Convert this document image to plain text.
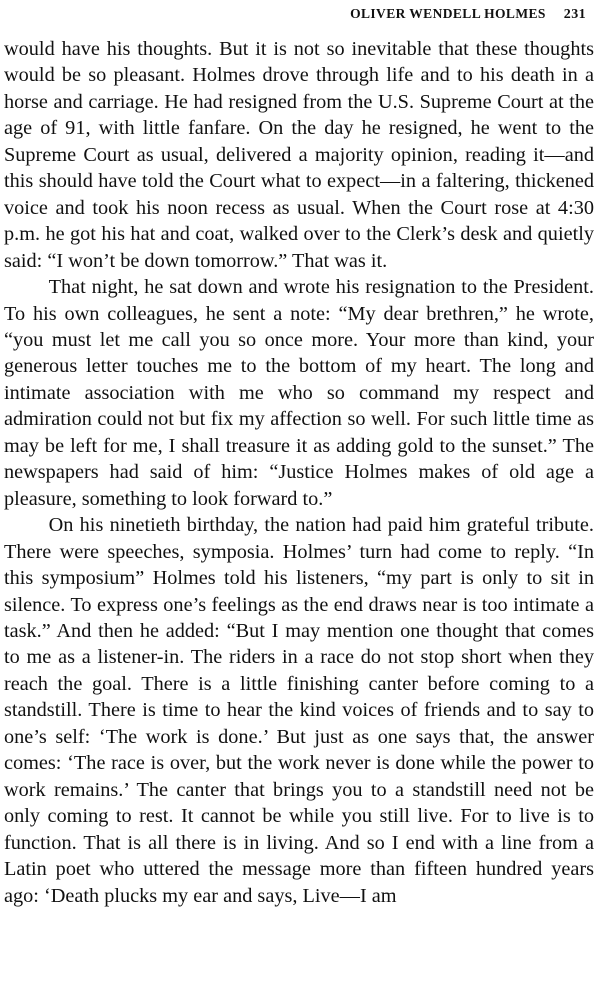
OLIVER WENDELL HOLMES 231

would have his thoughts. But it is not so inevitable that these thoughts would be so pleasant. Holmes drove through life and to his death in a horse and carriage. He had resigned from the U.S. Supreme Court at the age of 91, with little fanfare. On the day he resigned, he went to the Supreme Court as usual, delivered a majority opinion, reading it—and this should have told the Court what to expect—in a faltering, thickened voice and took his noon recess as usual. When the Court rose at 4:30 p.m. he got his hat and coat, walked over to the Clerk’s desk and quietly said: “I won’t be down tomorrow.” That was it.

That night, he sat down and wrote his resignation to the President. To his own colleagues, he sent a note: “My dear brethren,” he wrote, “you must let me call you so once more. Your more than kind, your generous letter touches me to the bottom of my heart. The long and intimate association with me who so command my respect and admiration could not but fix my affection so well. For such little time as may be left for me, I shall treasure it as adding gold to the sunset.” The newspapers had said of him: “Justice Holmes makes of old age a pleasure, something to look forward to.”

On his ninetieth birthday, the nation had paid him grateful tribute. There were speeches, symposia. Holmes’ turn had come to reply. “In this symposium” Holmes told his listeners, “my part is only to sit in silence. To express one’s feelings as the end draws near is too intimate a task.” And then he added: “But I may mention one thought that comes to me as a listener-in. The riders in a race do not stop short when they reach the goal. There is a little finishing canter before coming to a standstill. There is time to hear the kind voices of friends and to say to one’s self: ‘The work is done.’ But just as one says that, the answer comes: ‘The race is over, but the work never is done while the power to work remains.’ The canter that brings you to a standstill need not be only coming to rest. It cannot be while you still live. For to live is to function. That is all there is in living. And so I end with a line from a Latin poet who uttered the message more than fifteen hundred years ago: ‘Death plucks my ear and says, Live—I am
